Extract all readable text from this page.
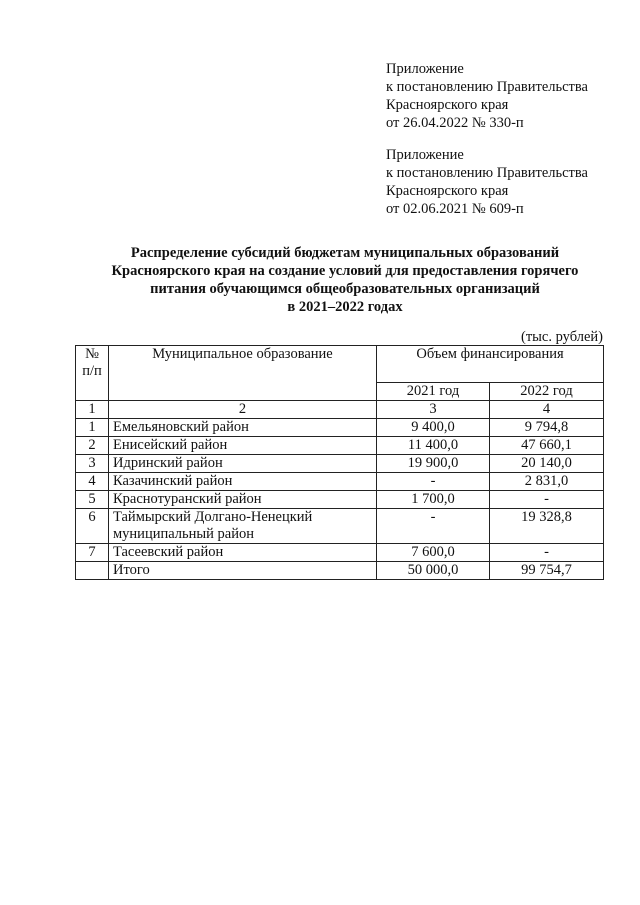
Приложение
к постановлению Правительства
Красноярского края
от 26.04.2022 № 330-п
Приложение
к постановлению Правительства
Красноярского края
от 02.06.2021 № 609-п
Распределение субсидий бюджетам муниципальных образований
Красноярского края на создание условий для предоставления горячего
питания обучающимся общеобразовательных организаций
в 2021–2022 годах
(тыс. рублей)
№ п/п	Муниципальное образование	Объем финансирования	
		2021 год	2022 год
1	2	3	4
1	Емельяновский район	9 400,0	9 794,8
2	Енисейский район	11 400,0	47 660,1
3	Идринский район	19 900,0	20 140,0
4	Казачинский район	-	2 831,0
5	Краснотуранский район	1 700,0	-
6	Таймырский Долгано-Ненецкий
муниципальный район	-	19 328,8
7	Тасеевский район	7 600,0	-
	Итого	50 000,0	99 754,7
